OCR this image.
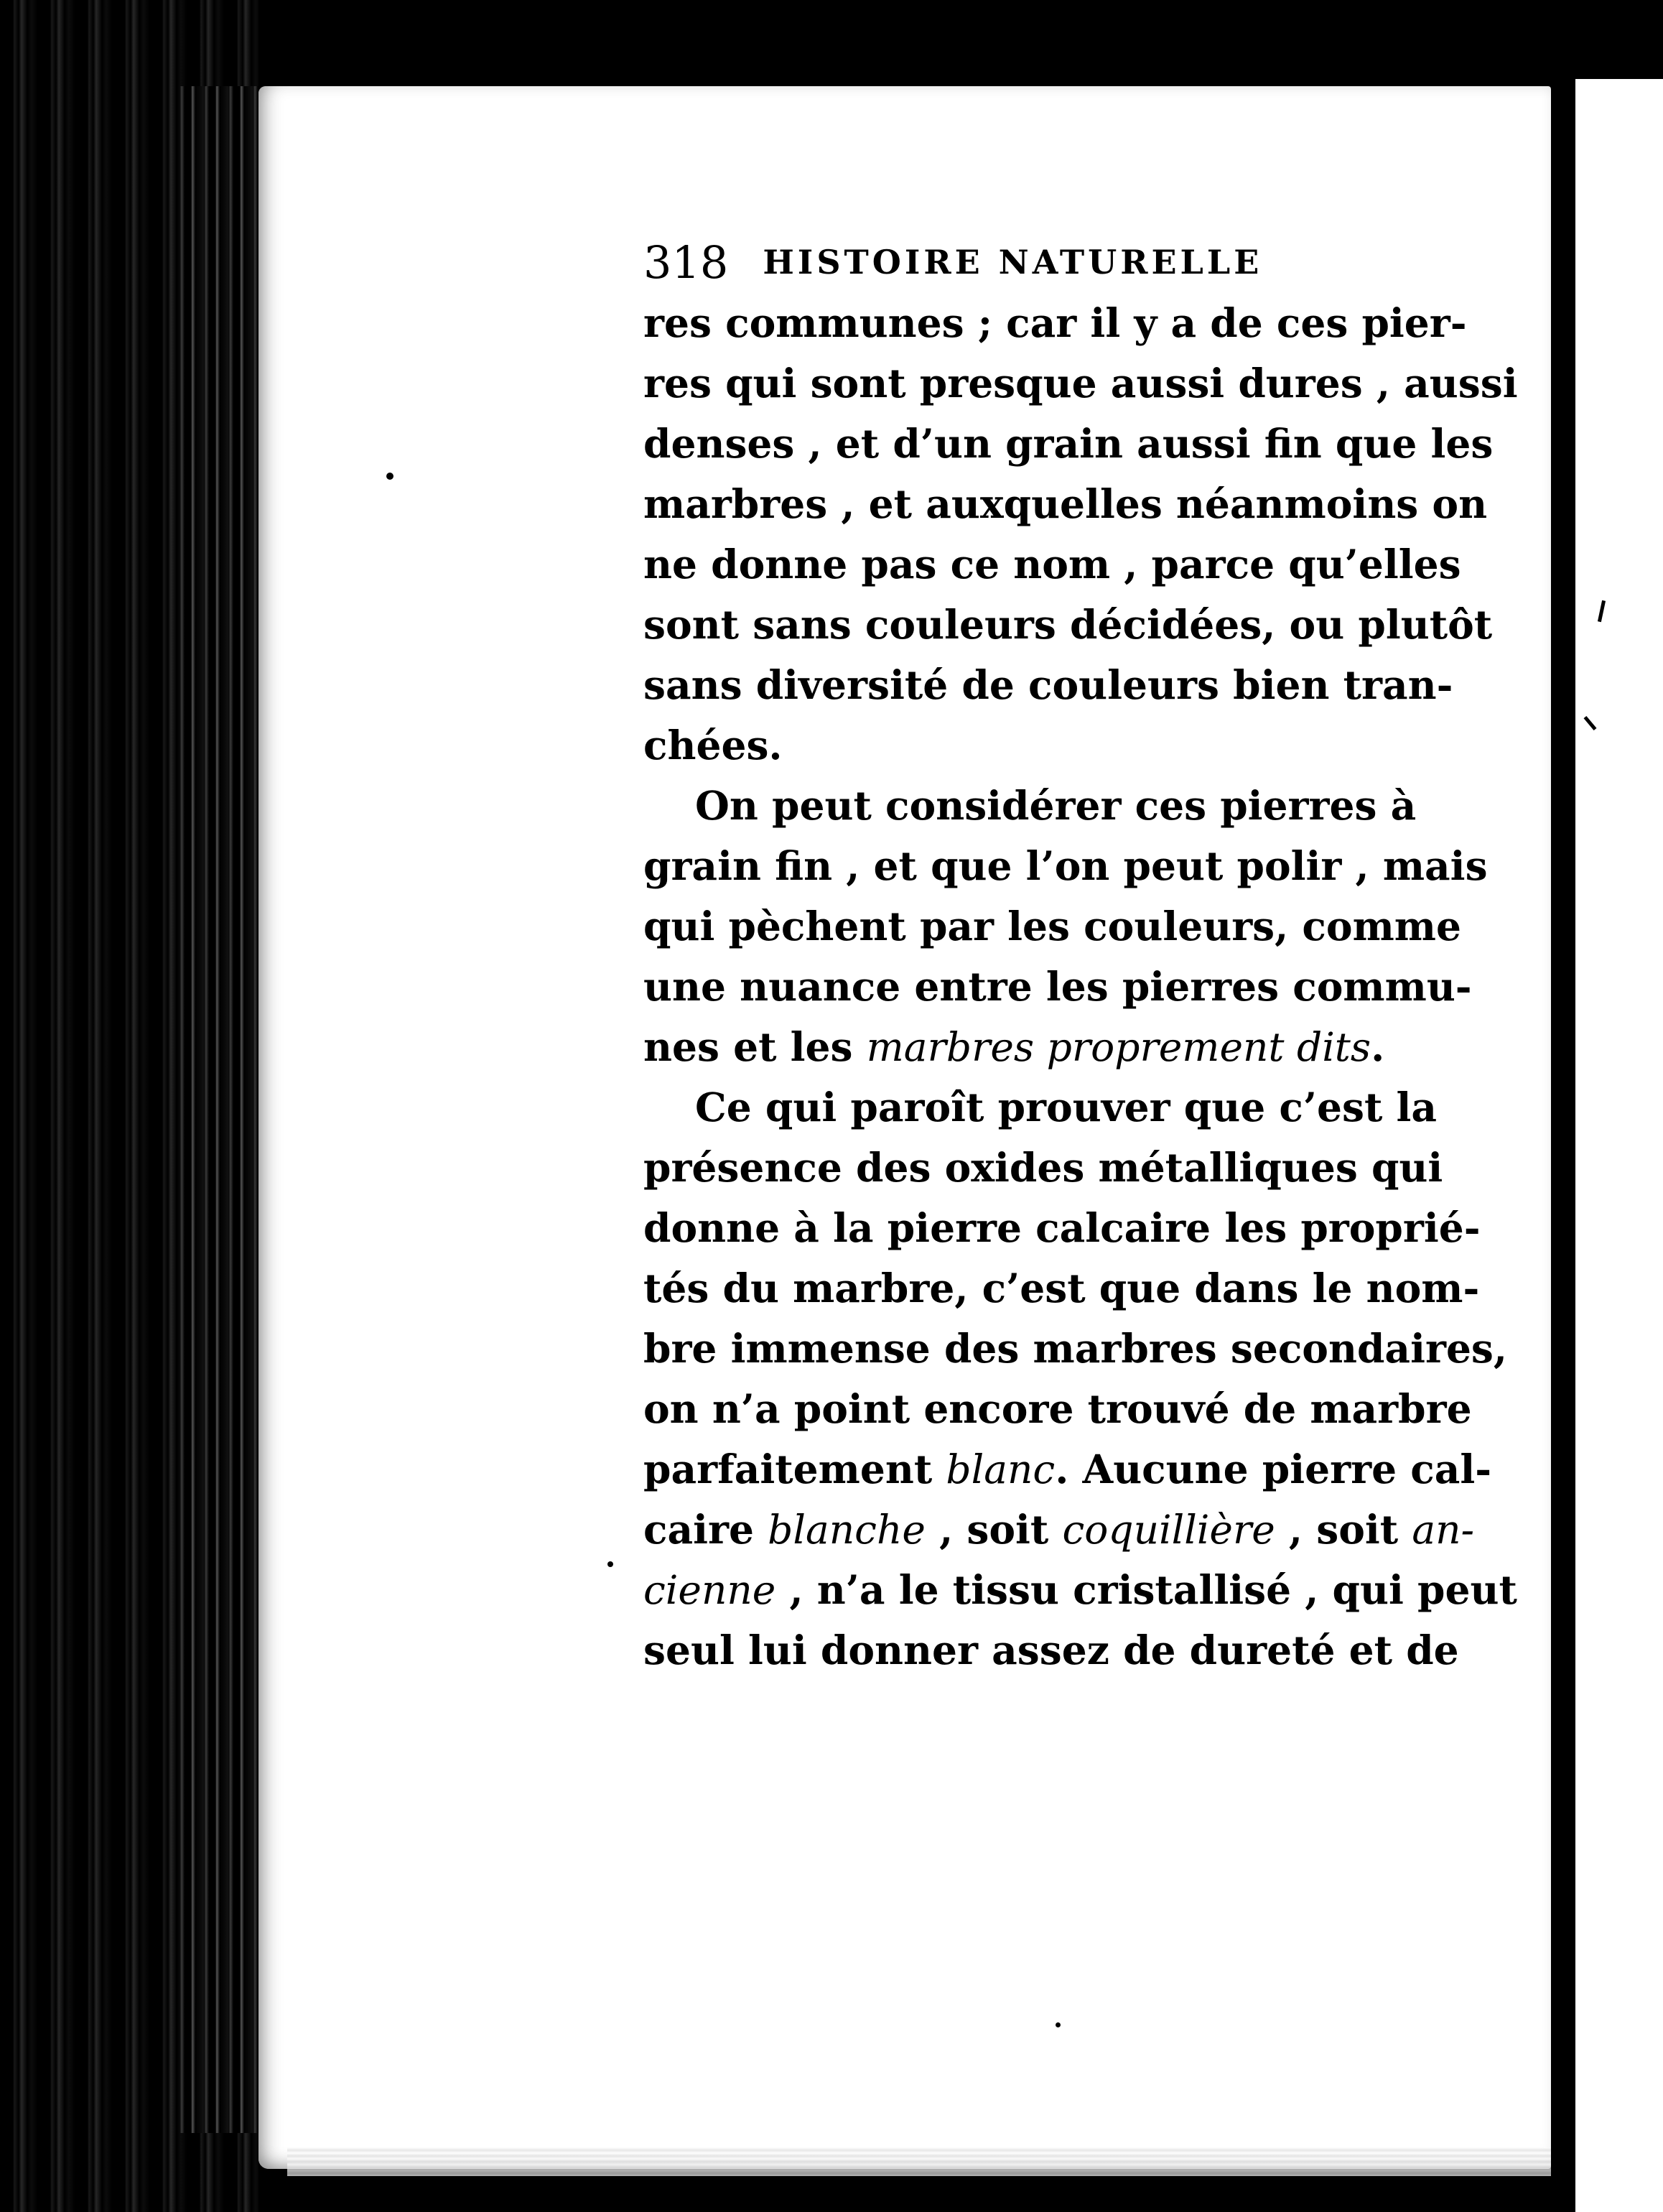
318 HISTOIRE NATURELLE
res communes ; car il y a de ces pier-
res qui sont presque aussi dures , aussi
denses , et d’un grain aussi fin que les
marbres , et auxquelles néanmoins on
ne donne pas ce nom , parce qu’elles
sont sans couleurs décidées, ou plutôt
sans diversité de couleurs bien tran-
chées.
On peut considérer ces pierres à
grain fin , et que l’on peut polir , mais
qui pèchent par les couleurs, comme
une nuance entre les pierres commu-
nes et les marbres proprement dits.
Ce qui paroît prouver que c’est la
présence des oxides métalliques qui
donne à la pierre calcaire les proprié-
tés du marbre, c’est que dans le nom-
bre immense des marbres secondaires,
on n’a point encore trouvé de marbre
parfaitement blanc. Aucune pierre cal-
caire blanche , soit coquillière , soit an-
cienne , n’a le tissu cristallisé , qui peut
seul lui donner assez de dureté et de
